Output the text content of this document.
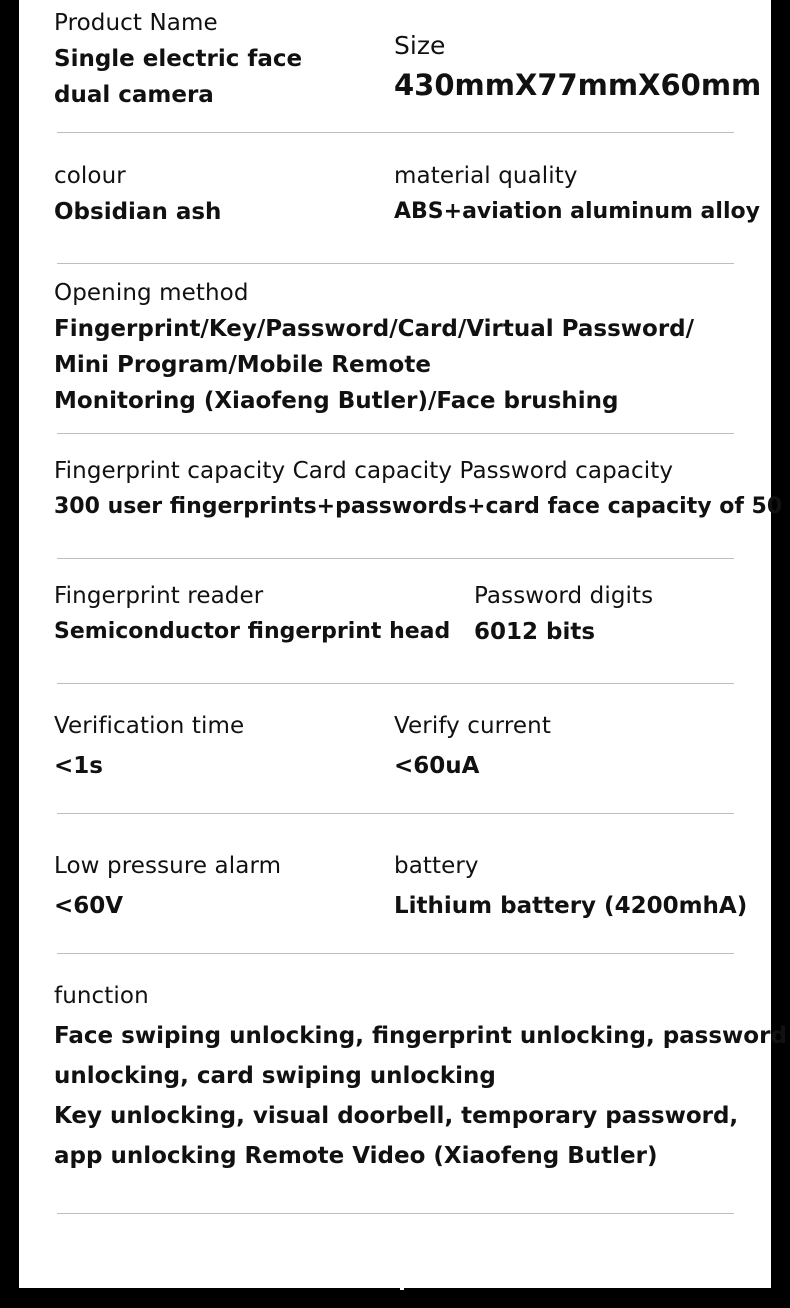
Product Name
Single electric face
dual camera
Size
430mmX77mmX60mm
colour
Obsidian ash
material quality
ABS+aviation aluminum alloy
Opening method
Fingerprint/Key/Password/Card/Virtual Password/
Mini Program/Mobile Remote
Monitoring (Xiaofeng Butler)/Face brushing
Fingerprint capacity Card capacity Password capacity
300 user fingerprints+passwords+card face capacity of 50
Fingerprint reader
Semiconductor fingerprint head
Password digits
6012 bits
Verification time
<1s
Verify current
<60uA
Low pressure alarm
<60V
battery
Lithium battery (4200mhA)
function
Face swiping unlocking, fingerprint unlocking, password
unlocking, card swiping unlocking
Key unlocking, visual doorbell, temporary password,
app unlocking Remote Video (Xiaofeng Butler)
